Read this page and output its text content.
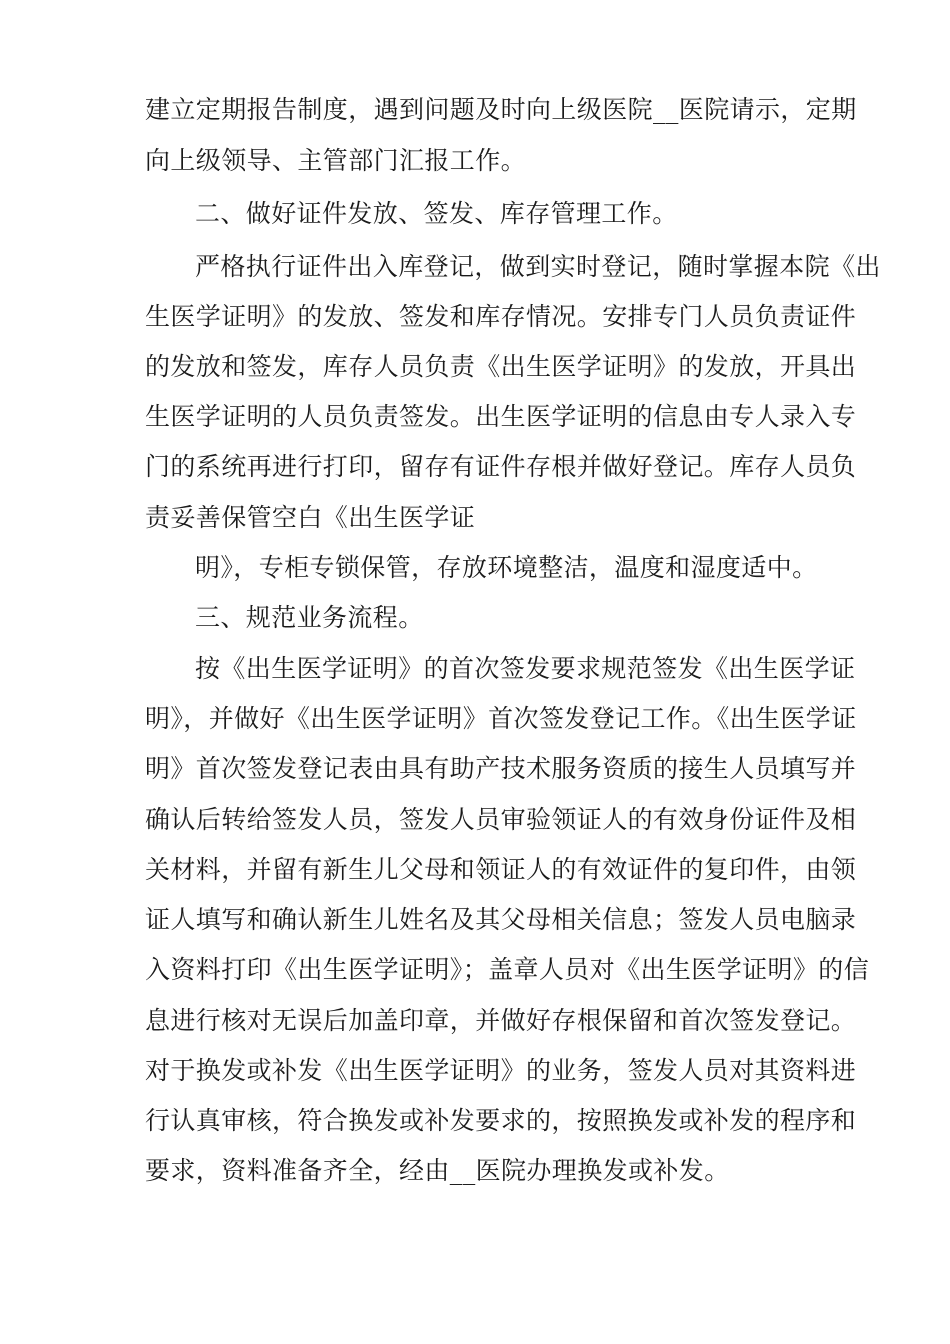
建立定期报告制度，遇到问题及时向上级医院__医院请示，定期
向上级领导、主管部门汇报工作。
二、做好证件发放、签发、库存管理工作。
严格执行证件出入库登记，做到实时登记，随时掌握本院《出
生医学证明》的发放、签发和库存情况。安排专门人员负责证件
的发放和签发，库存人员负责《出生医学证明》的发放，开具出
生医学证明的人员负责签发。出生医学证明的信息由专人录入专
门的系统再进行打印，留存有证件存根并做好登记。库存人员负
责妥善保管空白《出生医学证
明》，专柜专锁保管，存放环境整洁，温度和湿度适中。
三、规范业务流程。
按《出生医学证明》的首次签发要求规范签发《出生医学证
明》，并做好《出生医学证明》首次签发登记工作。《出生医学证
明》首次签发登记表由具有助产技术服务资质的接生人员填写并
确认后转给签发人员，签发人员审验领证人的有效身份证件及相
关材料，并留有新生儿父母和领证人的有效证件的复印件，由领
证人填写和确认新生儿姓名及其父母相关信息；签发人员电脑录
入资料打印《出生医学证明》；盖章人员对《出生医学证明》的信
息进行核对无误后加盖印章，并做好存根保留和首次签发登记。
对于换发或补发《出生医学证明》的业务，签发人员对其资料进
行认真审核，符合换发或补发要求的，按照换发或补发的程序和
要求，资料准备齐全，经由__医院办理换发或补发。
